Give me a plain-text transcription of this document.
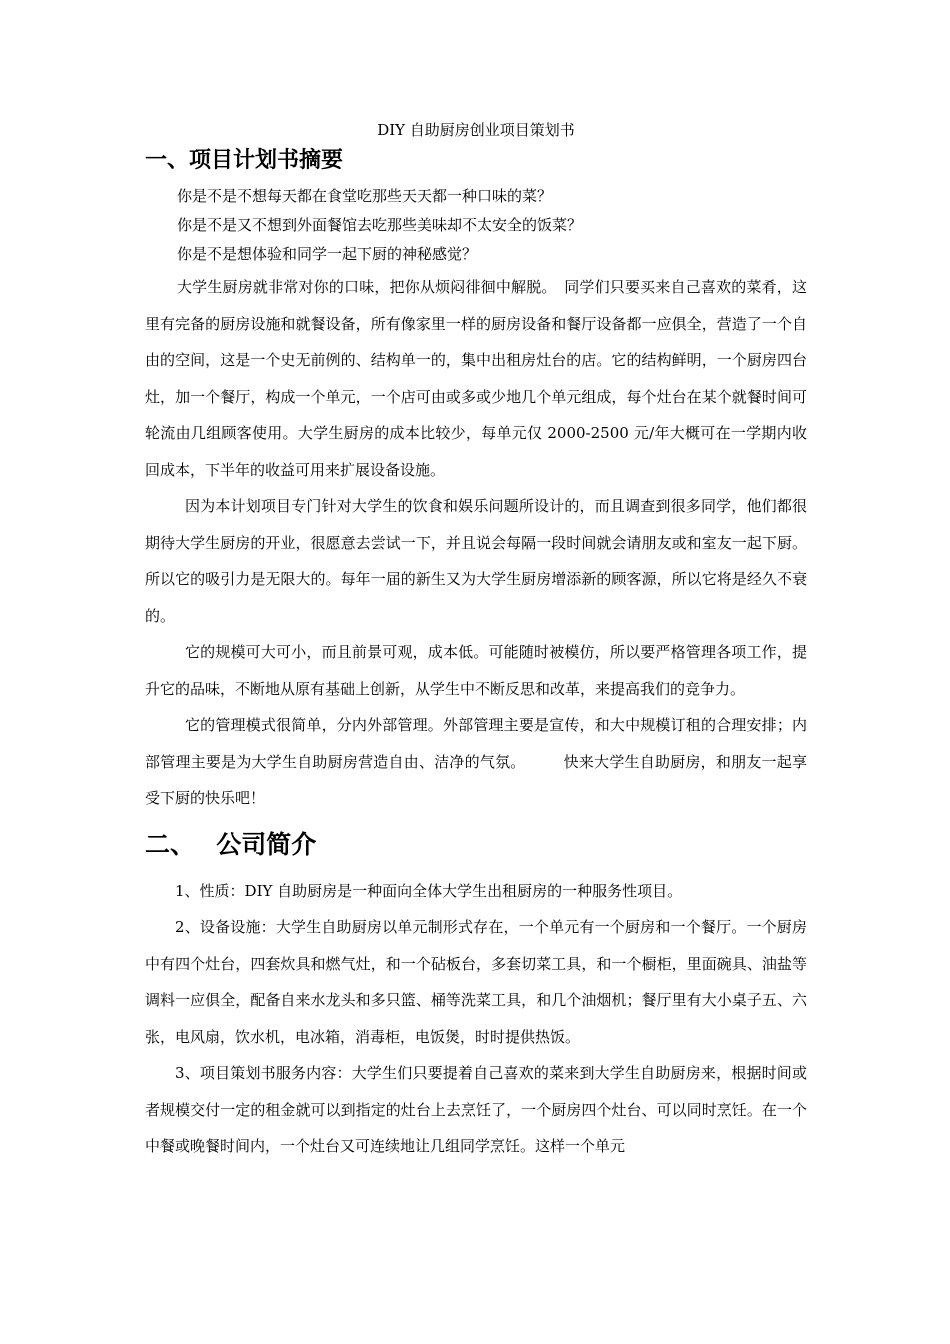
DIY 自助厨房创业项目策划书

一、项目计划书摘要

你是不是不想每天都在食堂吃那些天天都一种口味的菜？

你是不是又不想到外面餐馆去吃那些美味却不太安全的饭菜？

你是不是想体验和同学一起下厨的神秘感觉？

大学生厨房就非常对你的口味，把你从烦闷徘徊中解脱。　同学们只要买来自己喜欢的菜肴，这里有完备的厨房设施和就餐设备，所有像家里一样的厨房设备和餐厅设备都一应俱全，营造了一个自由的空间，这是一个史无前例的、结构单一的，集中出租房灶台的店。它的结构鲜明，一个厨房四台灶，加一个餐厅，构成一个单元，一个店可由或多或少地几个单元组成，每个灶台在某个就餐时间可轮流由几组顾客使用。大学生厨房的成本比较少，每单元仅 2000-2500 元/年大概可在一学期内收回成本，下半年的收益可用来扩展设备设施。

因为本计划项目专门针对大学生的饮食和娱乐问题所设计的，而且调查到很多同学，他们都很期待大学生厨房的开业，很愿意去尝试一下，并且说会每隔一段时间就会请朋友或和室友一起下厨。所以它的吸引力是无限大的。每年一届的新生又为大学生厨房增添新的顾客源，所以它将是经久不衰的。

它的规模可大可小，而且前景可观，成本低。可能随时被模仿，所以要严格管理各项工作，提升它的品味，不断地从原有基础上创新，从学生中不断反思和改革，来提高我们的竞争力。

它的管理模式很简单，分内外部管理。外部管理主要是宣传，和大中规模订租的合理安排；内部管理主要是为大学生自助厨房营造自由、洁净的气氛。　　　快来大学生自助厨房，和朋友一起享受下厨的快乐吧！

二、　 公司简介

1、性质：DIY 自助厨房是一种面向全体大学生出租厨房的一种服务性项目。

2、设备设施：大学生自助厨房以单元制形式存在，一个单元有一个厨房和一个餐厅。一个厨房中有四个灶台，四套炊具和燃气灶，和一个砧板台，多套切菜工具，和一个橱柜，里面碗具、油盐等调料一应俱全，配备自来水龙头和多只篮、桶等洗菜工具，和几个油烟机；餐厅里有大小桌子五、六张，电风扇，饮水机，电冰箱，消毒柜，电饭煲，时时提供热饭。

3、项目策划书服务内容：大学生们只要提着自己喜欢的菜来到大学生自助厨房来，根据时间或者规模交付一定的租金就可以到指定的灶台上去烹饪了，一个厨房四个灶台、可以同时烹饪。在一个中餐或晚餐时间内，一个灶台又可连续地让几组同学烹饪。这样一个单元
